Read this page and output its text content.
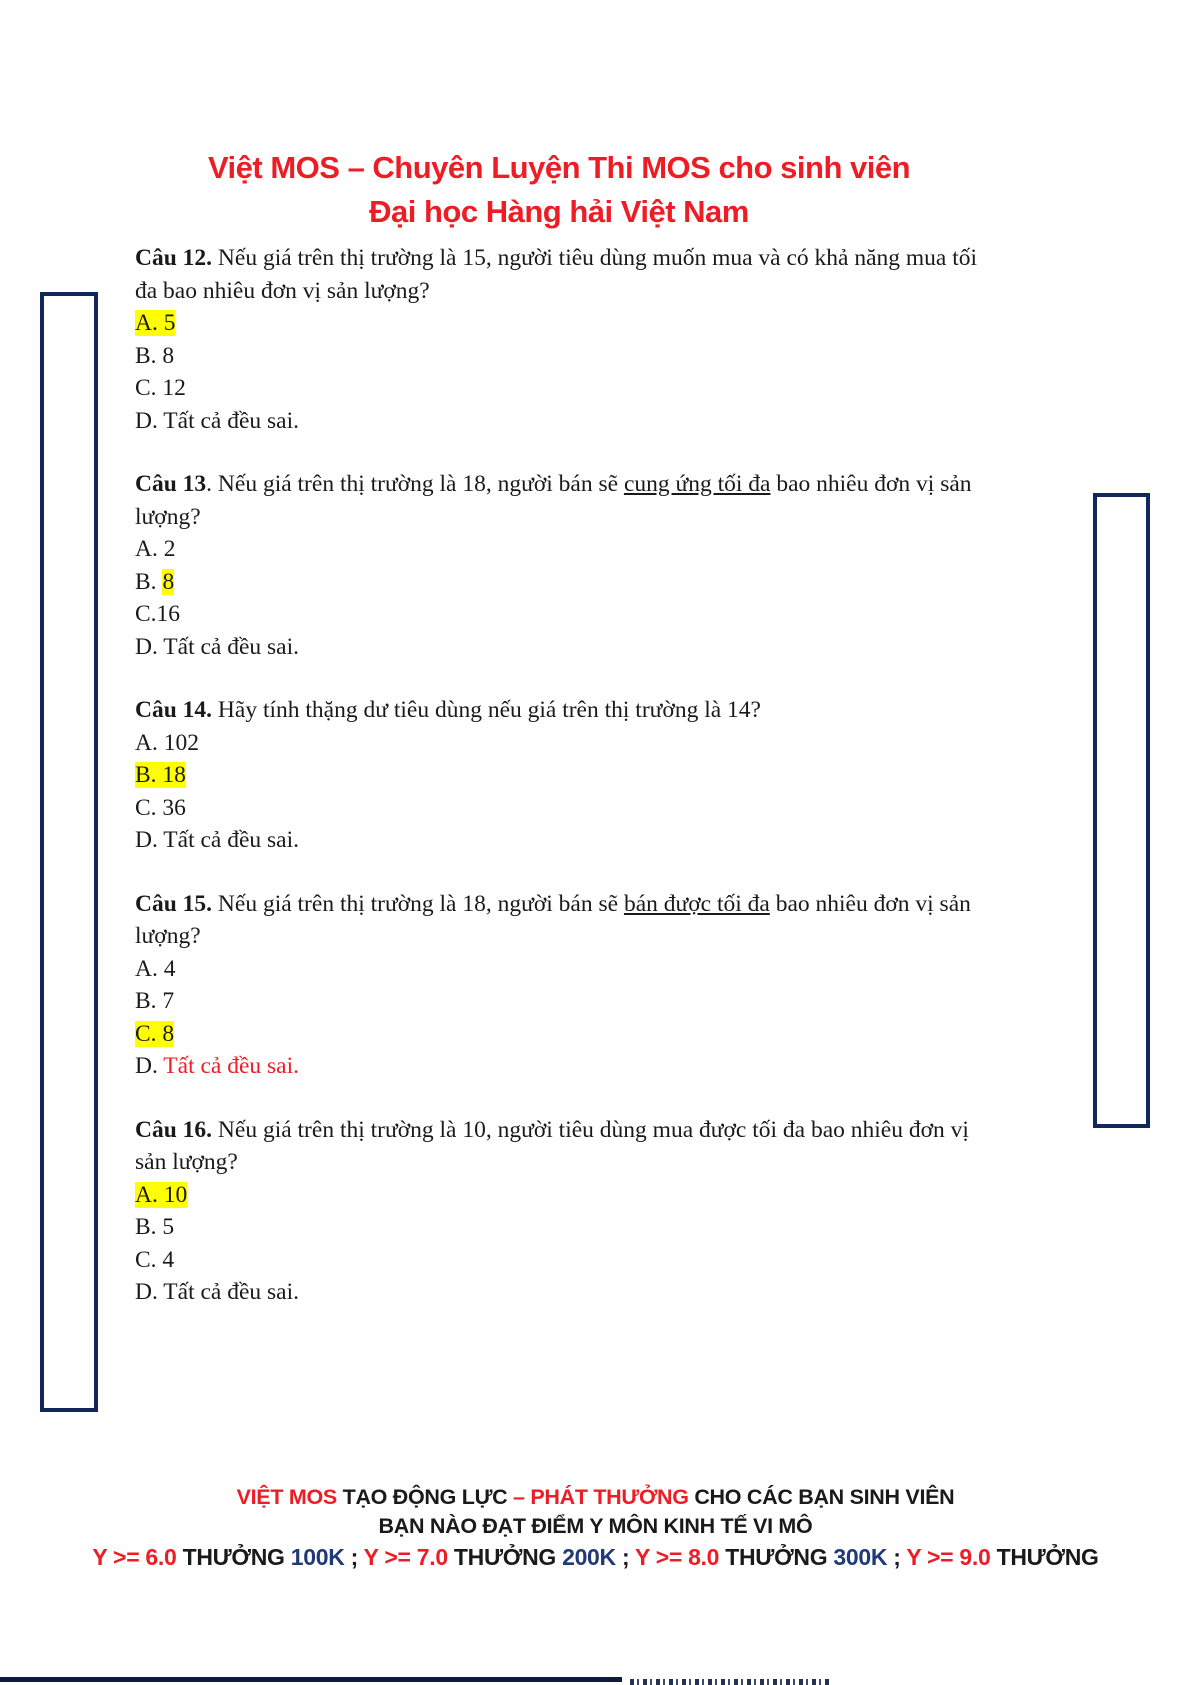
Việt MOS – Chuyên Luyện Thi MOS cho sinh viên
Đại học Hàng hải Việt Nam
Câu 12. Nếu giá trên thị trường là 15, người tiêu dùng muốn mua và có khả năng mua tối đa bao nhiêu đơn vị sản lượng?
A. 5
B. 8
C. 12
D. Tất cả đều sai.
Câu 13. Nếu giá trên thị trường là 18, người bán sẽ cung ứng tối đa bao nhiêu đơn vị sản lượng?
A. 2
B. 8
C.16
D. Tất cả đều sai.
Câu 14. Hãy tính thặng dư tiêu dùng nếu giá trên thị trường là 14?
A. 102
B. 18
C. 36
D. Tất cả đều sai.
Câu 15. Nếu giá trên thị trường là 18, người bán sẽ bán được tối đa bao nhiêu đơn vị sản lượng?
A. 4
B. 7
C. 8
D. Tất cả đều sai.
Câu 16. Nếu giá trên thị trường là 10, người tiêu dùng mua được tối đa bao nhiêu đơn vị sản lượng?
A. 10
B. 5
C. 4
D. Tất cả đều sai.
VIỆT MOS TẠO ĐỘNG LỰC – PHÁT THƯỞNG CHO CÁC BẠN SINH VIÊN
BẠN NÀO ĐẠT ĐIỂM Y MÔN KINH TẾ VI MÔ
Y >= 6.0 THƯỞNG 100K ; Y >= 7.0 THƯỞNG 200K ; Y >= 8.0 THƯỞNG 300K ; Y >= 9.0 THƯỞNG
